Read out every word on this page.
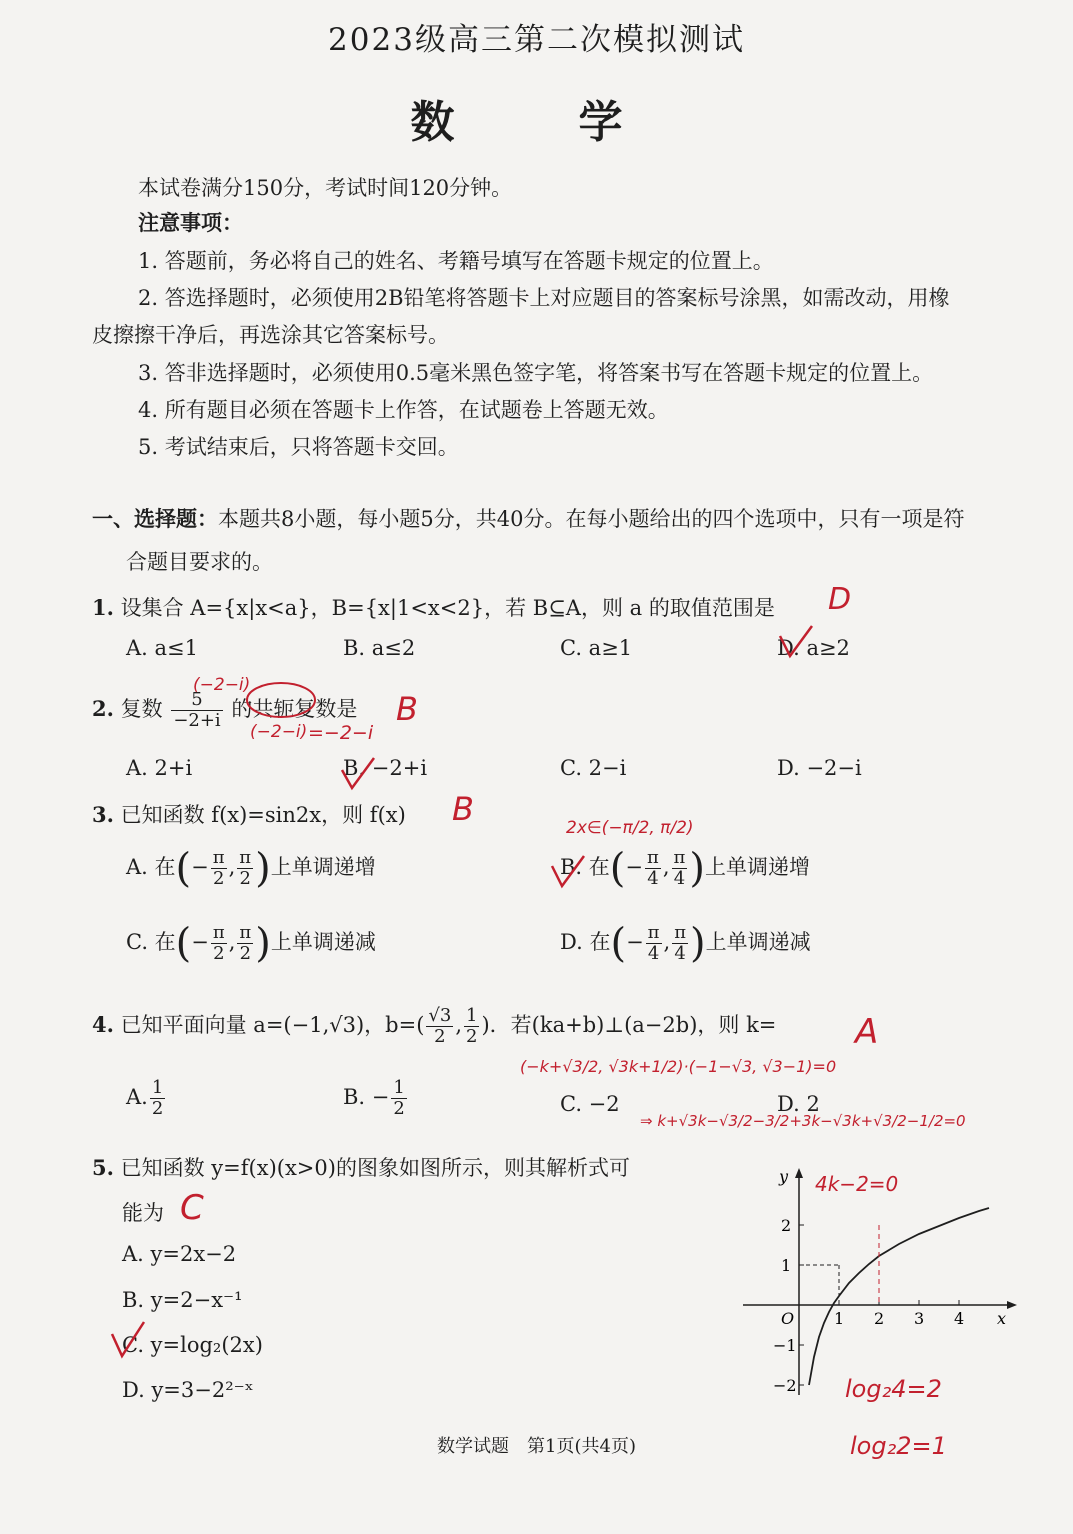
2023级高三第二次模拟测试
数　学
本试卷满分150分，考试时间120分钟。
注意事项：
1. 答题前，务必将自己的姓名、考籍号填写在答题卡规定的位置上。
2. 答选择题时，必须使用2B铅笔将答题卡上对应题目的答案标号涂黑，如需改动，用橡
皮擦擦干净后，再选涂其它答案标号。
3. 答非选择题时，必须使用0.5毫米黑色签字笔，将答案书写在答题卡规定的位置上。
4. 所有题目必须在答题卡上作答，在试题卷上答题无效。
5. 考试结束后，只将答题卡交回。
一、选择题：本题共8小题，每小题5分，共40分。在每小题给出的四个选项中，只有一项是符
合题目要求的。
1. 设集合 A={x|x<a}，B={x|1<x<2}，若 B⊆A，则 a 的取值范围是
A. a≤1	B. a≤2	C. a≥1	D. a≥2
2. 复数 $\frac{5}{-2+i}$ 的共轭复数是
A. 2+i	B. −2+i	C. 2−i	D. −2−i
3. 已知函数 f(x)=sin2x，则 f(x)
A. 在(− $\frac{\pi}{2}$ , $\frac{\pi}{2}$ )上单调递增	B. 在(− $\frac{\pi}{4}$ , $\frac{\pi}{4}$ )上单调递增
C. 在(− $\frac{\pi}{2}$ , $\frac{\pi}{2}$ )上单调递减	D. 在(− $\frac{\pi}{4}$ , $\frac{\pi}{4}$ )上单调递减
4. 已知平面向量 a=(−1,√3)，$b=( \frac{√3}{2}$ , $\frac{1}{2}$ )．若(ka+b)⊥(a−2b)，则 k=
A. $\frac{1}{2}$	B. − $\frac{1}{2}$	C. −2	D. 2
5. 已知函数 y=f(x)(x>0)的图象如图所示，则其解析式可
能为
A. y=2x−2
B. y=2−x⁻¹
C. y=log₂(2x)
D. y=3−2²⁻ˣ
y
x
O 1 2 3 4
2
1
−1
−2
D
(−2−i)
(−2−i) =−2−i
B
B	2x∈(−π/2, π/2)
A
(−k+√3/2, √3k+1/2)·(−1−√3, √3−1)=0
⇒ k+√3k−√3/2−3/2+3k−√3k+√3/2−1/2=0
4k−2=0
C
log₂4=2
log₂2=1
数学试题　第1页(共4页)
